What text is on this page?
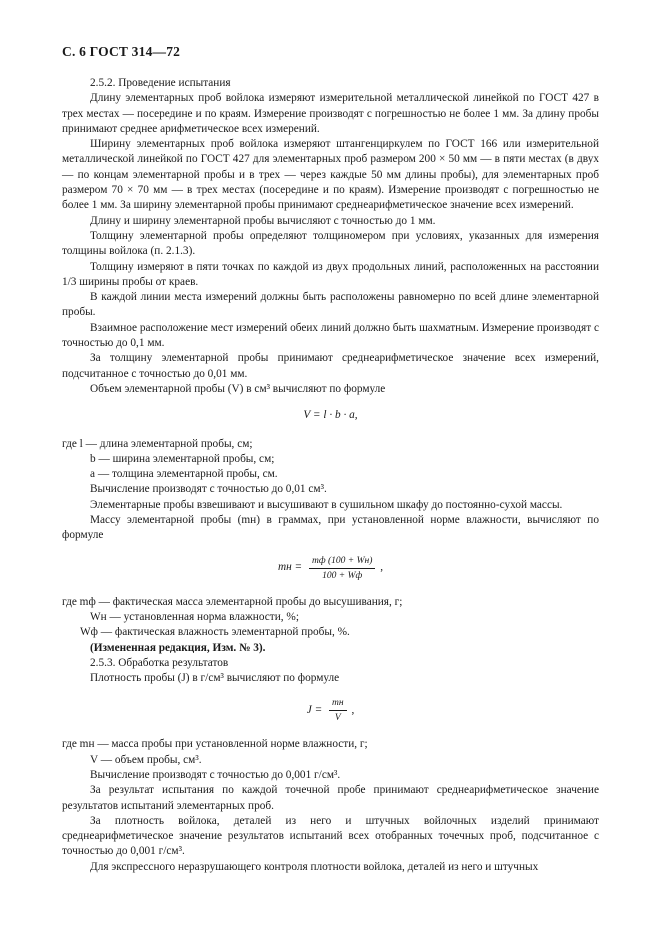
С. 6 ГОСТ 314—72

2.5.2. Проведение испытания

Длину элементарных проб войлока измеряют измерительной металлической линейкой по ГОСТ 427 в трех местах — посередине и по краям. Измерение производят с погрешностью не более 1 мм. За длину пробы принимают среднее арифметическое всех измерений.

Ширину элементарных проб войлока измеряют штангенциркулем по ГОСТ 166 или измерительной металлической линейкой по ГОСТ 427 для элементарных проб размером 200 × 50 мм — в пяти местах (в двух — по концам элементарной пробы и в трех — через каждые 50 мм длины пробы), для элементарных проб размером 70 × 70 мм — в трех местах (посередине и по краям). Измерение производят с погрешностью не более 1 мм. За ширину элементарной пробы принимают среднеарифметическое значение всех измерений.

Длину и ширину элементарной пробы вычисляют с точностью до 1 мм.

Толщину элементарной пробы определяют толщиномером при условиях, указанных для измерения толщины войлока (п. 2.1.3).

Толщину измеряют в пяти точках по каждой из двух продольных линий, расположенных на расстоянии 1/3 ширины пробы от краев.

В каждой линии места измерений должны быть расположены равномерно по всей длине элементарной пробы.

Взаимное расположение мест измерений обеих линий должно быть шахматным. Измерение производят с точностью до 0,1 мм.

За толщину элементарной пробы принимают среднеарифметическое значение всех измерений, подсчитанное с точностью до 0,01 мм.

Объем элементарной пробы (V) в см³ вычисляют по формуле

V = l · b · a,
где l — длина элементарной пробы, см;
b — ширина элементарной пробы, см;
a — толщина элементарной пробы, см.

Вычисление производят с точностью до 0,01 см³.

Элементарные пробы взвешивают и высушивают в сушильном шкафу до постоянно-сухой массы.

Массу элементарной пробы (mн) в граммах, при установленной норме влажности, вычисляют по формуле

mн = $\frac{mф (100 + Wн)}{100 + Wф}$ ,
где mф — фактическая масса элементарной пробы до высушивания, г;
Wн — установленная норма влажности, %;
Wф — фактическая влажность элементарной пробы, %.

(Измененная редакция, Изм. № 3).

2.5.3. Обработка результатов

Плотность пробы (J) в г/см³ вычисляют по формуле

$J = \frac{mн}{V}$ ,
где mн — масса пробы при установленной норме влажности, г;
V — объем пробы, см³.

Вычисление производят с точностью до 0,001 г/см³.

За результат испытания по каждой точечной пробе принимают среднеарифметическое значение результатов испытаний элементарных проб.

За плотность войлока, деталей из него и штучных войлочных изделий принимают среднеарифметическое значение результатов испытаний всех отобранных точечных проб, подсчитанное с точностью до 0,001 г/см³.

Для экспрессного неразрушающего контроля плотности войлока, деталей из него и штучных
